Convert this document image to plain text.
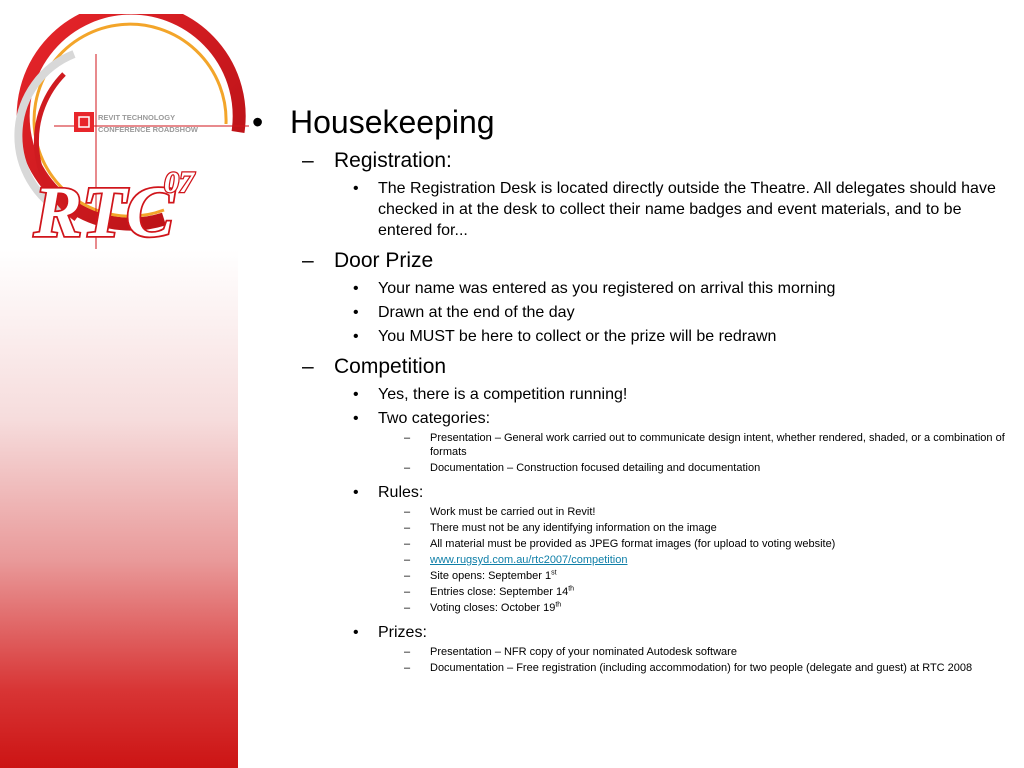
REVIT TECHNOLOGY
CONFERENCE ROADSHOW
RTC
07
• Housekeeping
– Registration:
• The Registration Desk is located directly outside the Theatre. All delegates should have checked in at the desk to collect their name badges and event materials, and to be entered for...
– Door Prize
• Your name was entered as you registered on arrival this morning
• Drawn at the end of the day
• You MUST be here to collect or the prize will be redrawn
– Competition
• Yes, there is a competition running!
• Two categories:
– Presentation – General work carried out to communicate design intent, whether rendered, shaded, or a combination of formats
– Documentation – Construction focused detailing and documentation
• Rules:
– Work must be carried out in Revit!
– There must not be any identifying information on the image
– All material must be provided as JPEG format images (for upload to voting website)
– www.rugsyd.com.au/rtc2007/competition
– Site opens: September 1st
– Entries close: September 14th
– Voting closes: October 19th
• Prizes:
– Presentation – NFR copy of your nominated Autodesk software
– Documentation – Free registration (including accommodation) for two people (delegate and guest) at RTC 2008
